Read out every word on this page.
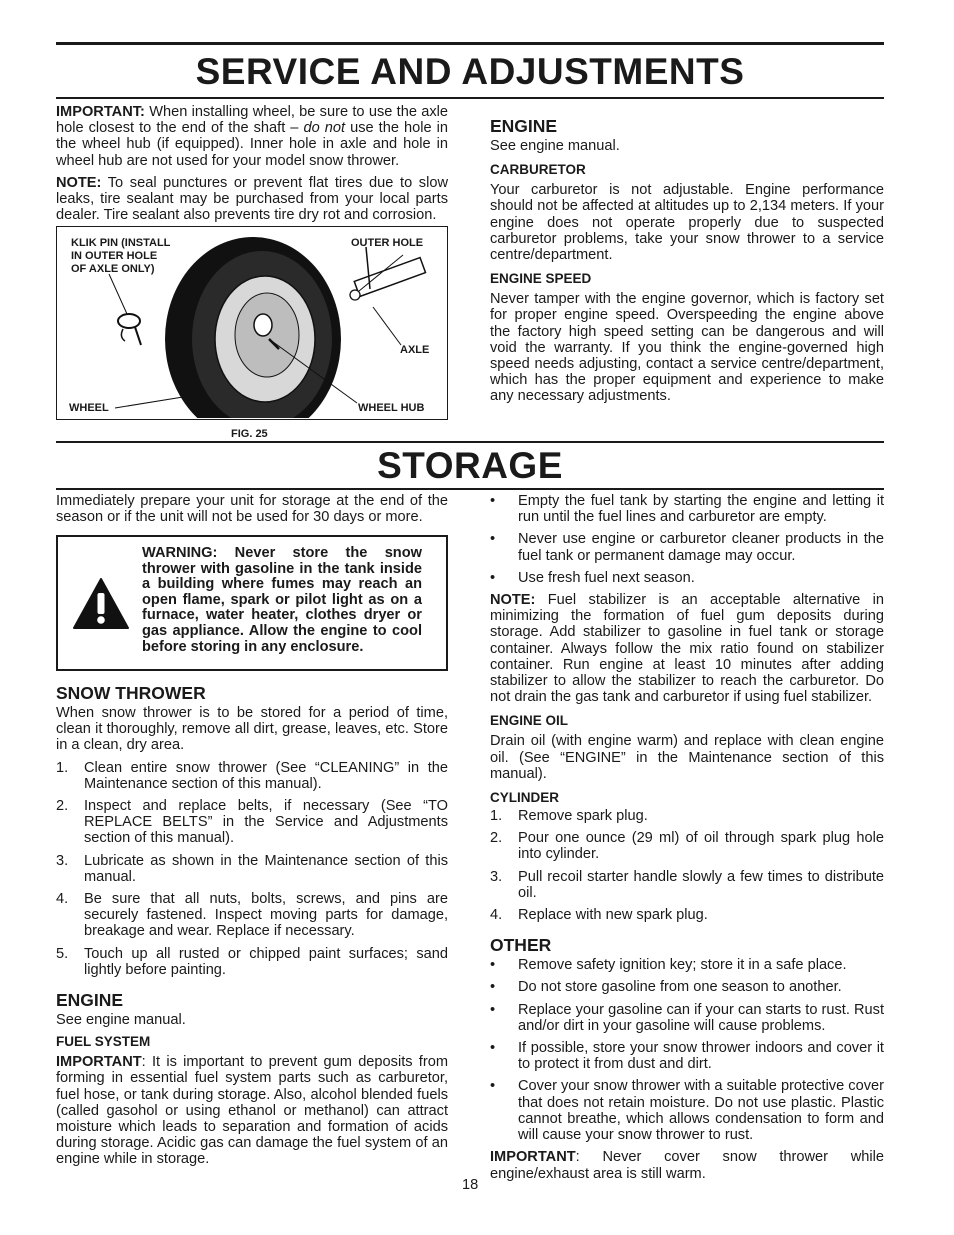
SERVICE AND ADJUSTMENTS

IMPORTANT: When installing wheel, be sure to use the axle hole closest to the end of the shaft – do not use the hole in the wheel hub (if equipped). Inner hole in axle and hole in wheel hub are not used for your model snow thrower.

NOTE: To seal punctures or prevent flat tires due to slow leaks, tire sealant may be purchased from your local parts dealer. Tire sealant also prevents tire dry rot and corrosion.

KLIK PIN (INSTALL
IN OUTER HOLE
OF AXLE ONLY)
OUTER HOLE
AXLE
WHEEL	WHEEL HUB
FIG. 25
ENGINE

See engine manual.

CARBURETOR

Your carburetor is not adjustable. Engine performance should not be affected at altitudes up to 2,134 meters. If your engine does not operate properly due to suspected carburetor problems, take your snow thrower to a service centre/department.

ENGINE SPEED

Never tamper with the engine governor, which is factory set for proper engine speed. Overspeeding the engine above the factory high speed setting can be dangerous and will void the warranty. If you think the engine-governed high speed needs adjusting, contact a service centre/department, which has the proper equipment and experience to make any necessary adjustments.

STORAGE

Immediately prepare your unit for storage at the end of the season or if the unit will not be used for 30 days or more.

WARNING: Never store the snow thrower with gasoline in the tank inside a building where fumes may reach an open flame, spark or pilot light as on a furnace, water heater, clothes dryer or gas appliance. Allow the engine to cool before storing in any enclosure.
SNOW THROWER

When snow thrower is to be stored for a period of time, clean it thoroughly, remove all dirt, grease, leaves, etc. Store in a clean, dry area.

1. Clean entire snow thrower (See “CLEANING” in the Maintenance section of this manual).
2. Inspect and replace belts, if necessary (See “TO REPLACE BELTS” in the Service and Adjustments section of this manual).
3. Lubricate as shown in the Maintenance section of this manual.
4. Be sure that all nuts, bolts, screws, and pins are securely fastened. Inspect moving parts for damage, breakage and wear. Replace if necessary.
5. Touch up all rusted or chipped paint surfaces; sand lightly before painting.
ENGINE

See engine manual.

FUEL SYSTEM

IMPORTANT: It is important to prevent gum deposits from forming in essential fuel system parts such as carburetor, fuel hose, or tank during storage. Also, alcohol blended fuels (called gasohol or using ethanol or methanol) can attract moisture which leads to separation and formation of acids during storage. Acidic gas can damage the fuel system of an engine while in storage.

• Empty the fuel tank by starting the engine and letting it run until the fuel lines and carburetor are empty.
• Never use engine or carburetor cleaner products in the fuel tank or permanent damage may occur.
• Use fresh fuel next season.

NOTE: Fuel stabilizer is an acceptable alternative in minimizing the formation of fuel gum deposits during storage. Add stabilizer to gasoline in fuel tank or storage container. Always follow the mix ratio found on stabilizer container. Run engine at least 10 minutes after adding stabilizer to allow the stabilizer to reach the carburetor. Do not drain the gas tank and carburetor if using fuel stabilizer.

ENGINE OIL

Drain oil (with engine warm) and replace with clean engine oil. (See “ENGINE” in the Maintenance section of this manual).

CYLINDER
1. Remove spark plug.
2. Pour one ounce (29 ml) of oil through spark plug hole into cylinder.
3. Pull recoil starter handle slowly a few times to distribute oil.
4. Replace with new spark plug.
OTHER
• Remove safety ignition key; store it in a safe place.
• Do not store gasoline from one season to another.
• Replace your gasoline can if your can starts to rust. Rust and/or dirt in your gasoline will cause problems.
• If possible, store your snow thrower indoors and cover it to protect it from dust and dirt.
• Cover your snow thrower with a suitable protective cover that does not retain moisture. Do not use plastic. Plastic cannot breathe, which allows condensation to form and will cause your snow thrower to rust.

IMPORTANT: Never cover snow thrower while engine/exhaust area is still warm.

18
